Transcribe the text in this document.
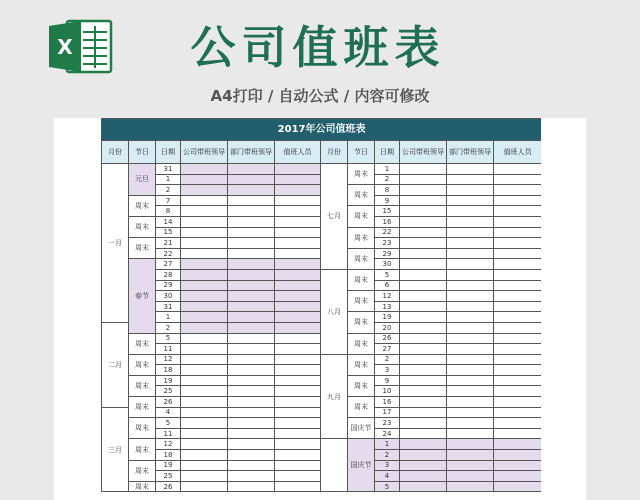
X	公司值班表
A4打印 / 自动公式 / 内容可修改
2017年公司值班表											
月份	节日	日期	公司带班领导	部门带班领导	值班人员	月份	节日	日期	公司带班领导	部门带班领导	值班人员
一月	元旦	31				七月	周末	1			
		1						2			
		2					周末	8			
	周末	7						9			
		8					周末	15			
	周末	14						16			
		15					周末	22			
	周末	21						23			
		22					周末	29			
	春节	27						30			
		28				八月	周末	5			
		29						6			
		30					周末	12			
		31						13			
		1					周末	19			
二月		2						20			
	周末	5					周末	26			
		11						27			
	周末	12				九月	周末	2			
		18						3			
	周末	19					周末	9			
		25						10			
	周末	26					周末	16			
三月		4						17			
	周末	5					国庆节	23			
		11						24			
	周末	12					国庆节	1			
		18						2			
	周末	19						3			
		25						4			
	周末	26						5			
